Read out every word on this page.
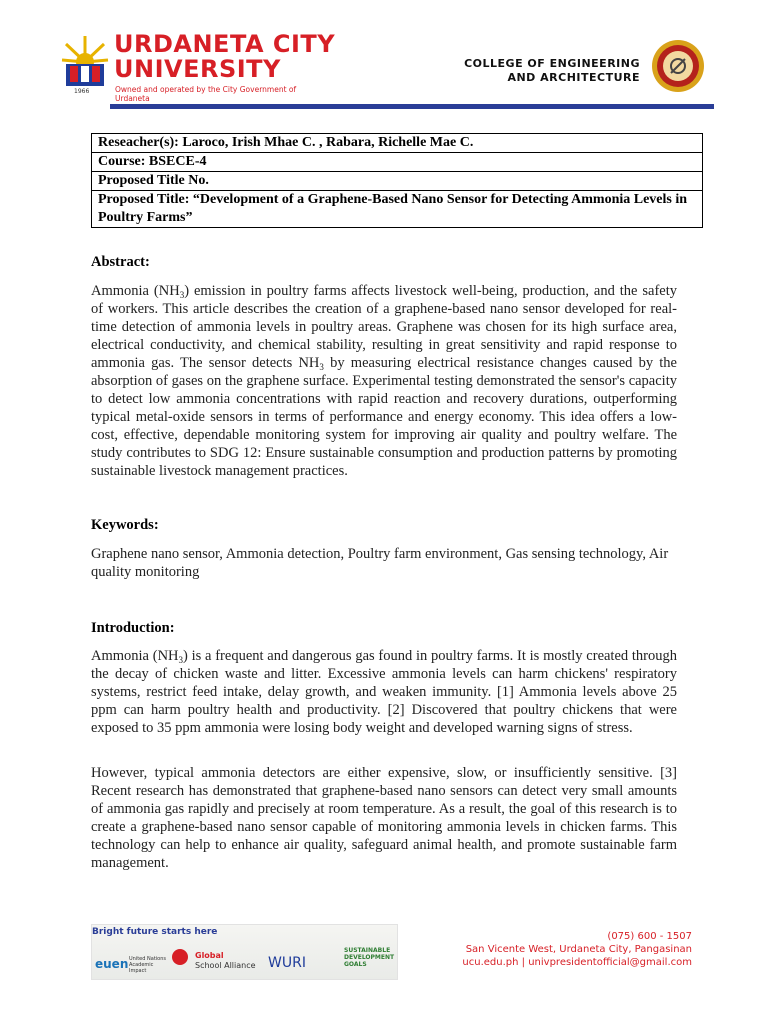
1966
URDANETA CITY
UNIVERSITY
Owned and operated by the City Government of Urdaneta
COLLEGE OF ENGINEERING
AND ARCHITECTURE
Reseacher(s): Laroco, Irish Mhae C. , Rabara, Richelle Mae C.
Course: BSECE-4
Proposed Title No.
Proposed Title: “Development of a Graphene-Based Nano Sensor for Detecting Ammonia Levels in Poultry Farms”
Abstract:

Ammonia $(NH_3)$ emission in poultry farms affects livestock well-being, production, and the safety of workers. This article describes the creation of a graphene-based nano sensor developed for real-time detection of ammonia levels in poultry areas. Graphene was chosen for its high surface area, electrical conductivity, and chemical stability, resulting in great sensitivity and rapid response to ammonia gas. The sensor detects $NH_3$ by measuring electrical resistance changes caused by the absorption of gases on the graphene surface. Experimental testing demonstrated the sensor's capacity to detect low ammonia concentrations with rapid reaction and recovery durations, outperforming typical metal-oxide sensors in terms of performance and energy economy. This idea offers a low-cost, effective, dependable monitoring system for improving air quality and poultry welfare. The study contributes to SDG 12: Ensure sustainable consumption and production patterns by promoting sustainable livestock management practices.

Keywords:

Graphene nano sensor, Ammonia detection, Poultry farm environment, Gas sensing technology, Air quality monitoring

Introduction:

Ammonia $(NH_3)$ is a frequent and dangerous gas found in poultry farms. It is mostly created through the decay of chicken waste and litter. Excessive ammonia levels can harm chickens' respiratory systems, restrict feed intake, delay growth, and weaken immunity. [1] Ammonia levels above 25 ppm can harm poultry health and productivity. [2] Discovered that poultry chickens that were exposed to 35 ppm ammonia were losing body weight and developed warning signs of stress.

However, typical ammonia detectors are either expensive, slow, or insufficiently sensitive. [3] Recent research has demonstrated that graphene-based nano sensors can detect very small amounts of ammonia gas rapidly and precisely at room temperature. As a result, the goal of this research is to create a graphene-based nano sensor capable of monitoring ammonia levels in chicken farms. This technology can help to enhance air quality, safeguard animal health, and promote sustainable farm management.

Bright future starts here
euen United Nations Academic Impact
Global
School Alliance WURI
SUSTAINABLE DEVELOPMENT GOALS
(075) 600 - 1507
San Vicente West, Urdaneta City, Pangasinan
ucu.edu.ph | univpresidentofficial@gmail.com
